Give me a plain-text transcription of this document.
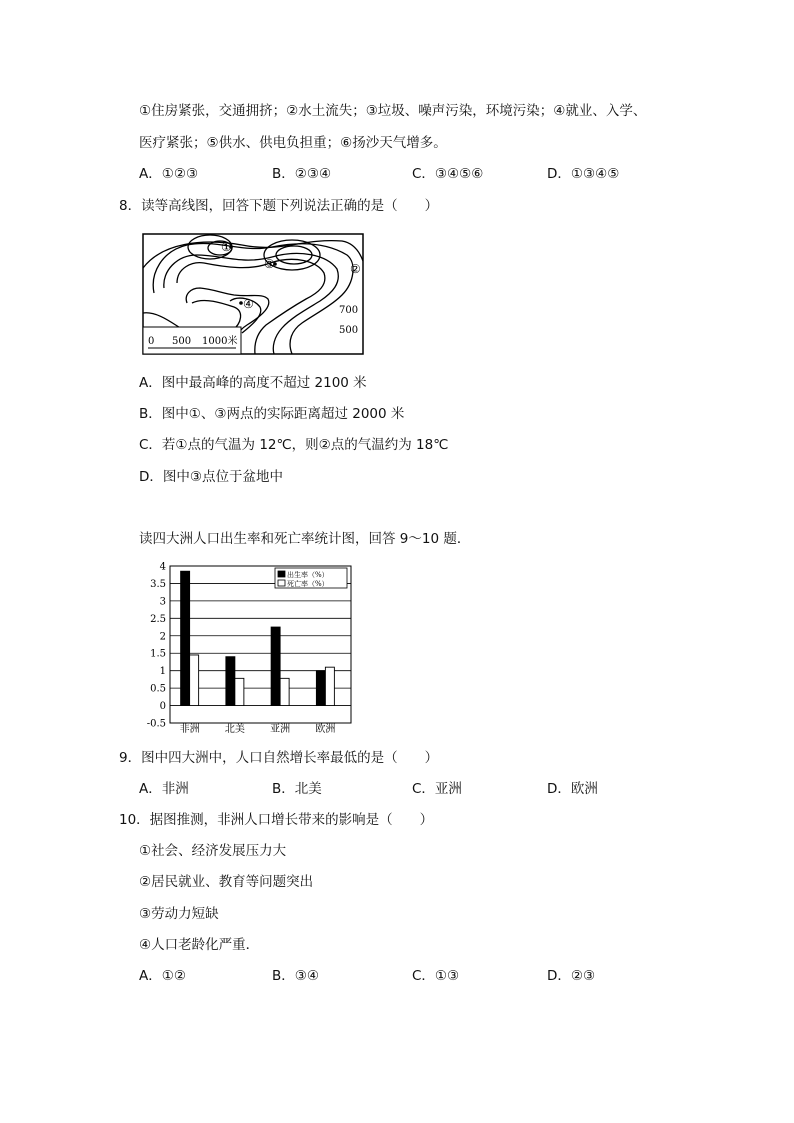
①住房紧张，交通拥挤；②水土流失；③垃圾、噪声污染，环境污染；④就业、入学、
医疗紧张；⑤供水、供电负担重；⑥扬沙天气增多。
A．①②③	B．②③④	C．③④⑤⑥	D．①③④⑤
8．读等高线图，回答下题下列说法正确的是（　　）
①
②
③
④	700
500
0 500 1000米
A．图中最高峰的高度不超过 2100 米
B．图中①、③两点的实际距离超过 2000 米
C．若①点的气温为 12℃，则②点的气温约为 18℃
D．图中③点位于盆地中
读四大洲人口出生率和死亡率统计图，回答 9～10 题．
4
3.5
3
2.5
2
1.5
1
0.5
0
-0.5 非洲	北美	亚洲	欧洲
出生率（%）
死亡率（%）
9．图中四大洲中，人口自然增长率最低的是（　　）
A．非洲	B．北美	C．亚洲	D．欧洲
10．据图推测，非洲人口增长带来的影响是（　　）
①社会、经济发展压力大
②居民就业、教育等问题突出
③劳动力短缺
④人口老龄化严重．
A．①②	B．③④	C．①③	D．②③
